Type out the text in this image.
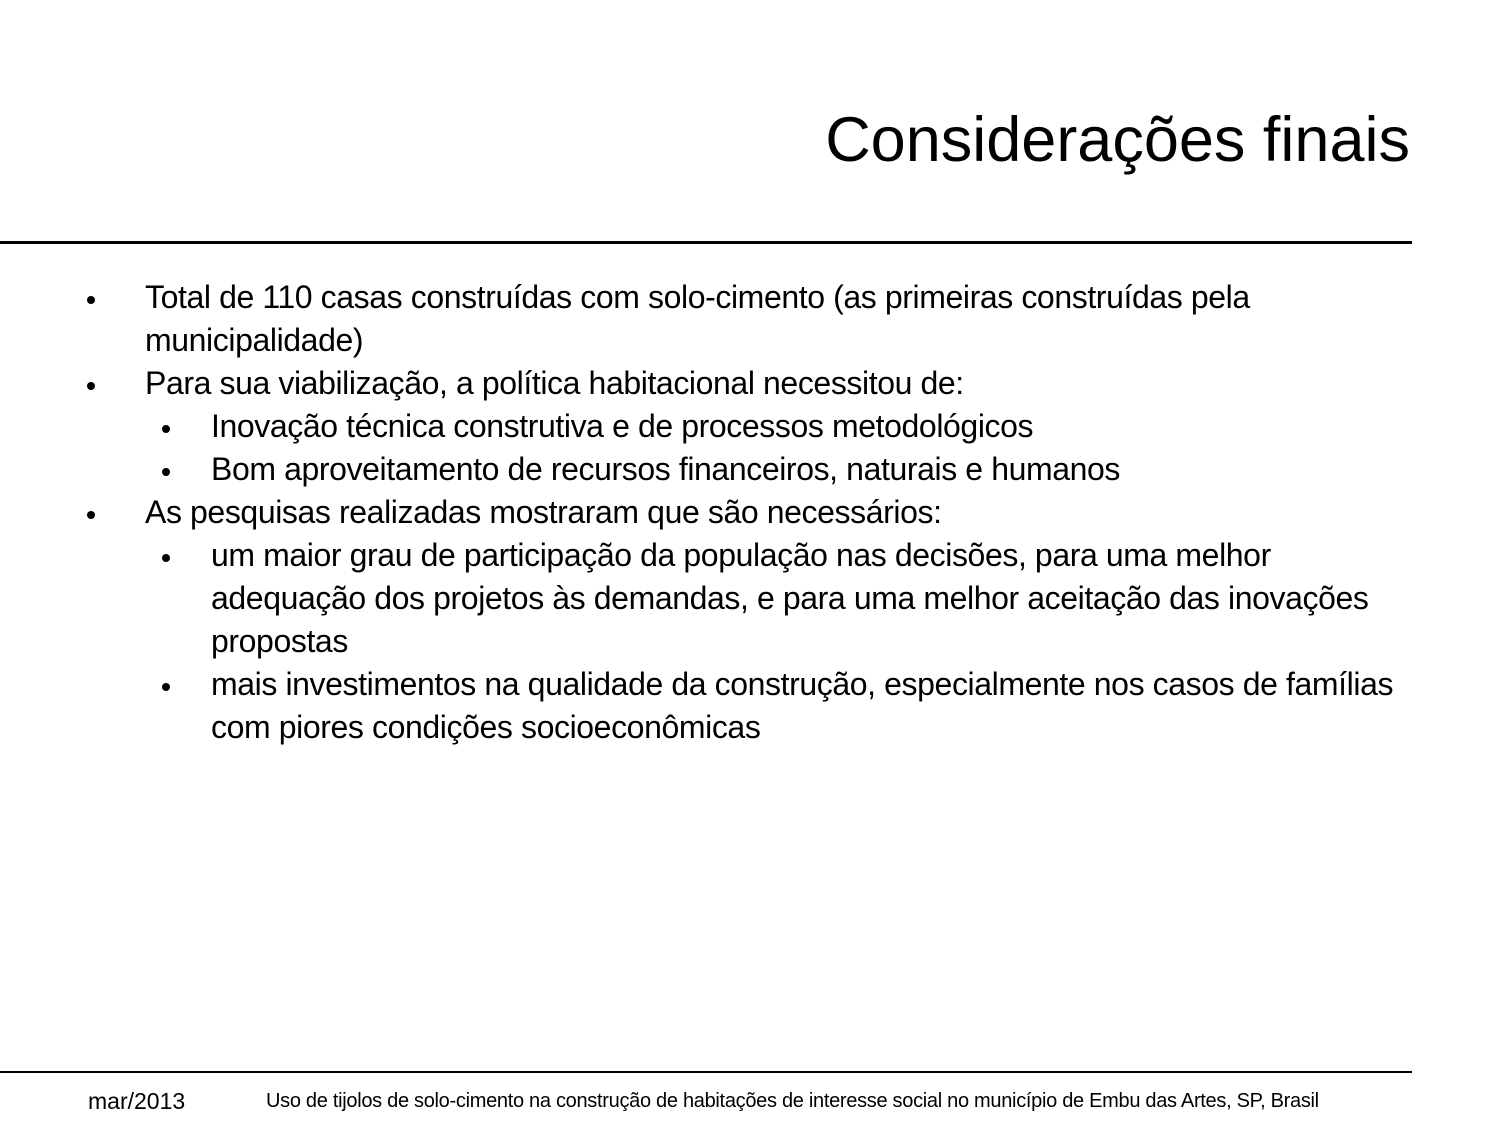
Considerações finais
Total de 110 casas construídas com solo-cimento (as primeiras construídas pela municipalidade)
Para sua viabilização, a política habitacional necessitou de:
Inovação técnica construtiva e de processos metodológicos
Bom aproveitamento de recursos financeiros, naturais e humanos
As pesquisas realizadas mostraram que são necessários:
um maior grau de participação da população nas decisões, para uma melhor adequação dos projetos às demandas, e para uma melhor aceitação das inovações propostas
mais investimentos na qualidade da construção, especialmente nos casos de famílias com piores condições socioeconômicas
mar/2013	Uso de tijolos de solo-cimento na construção de habitações de interesse social no município de Embu das Artes, SP, Brasil
